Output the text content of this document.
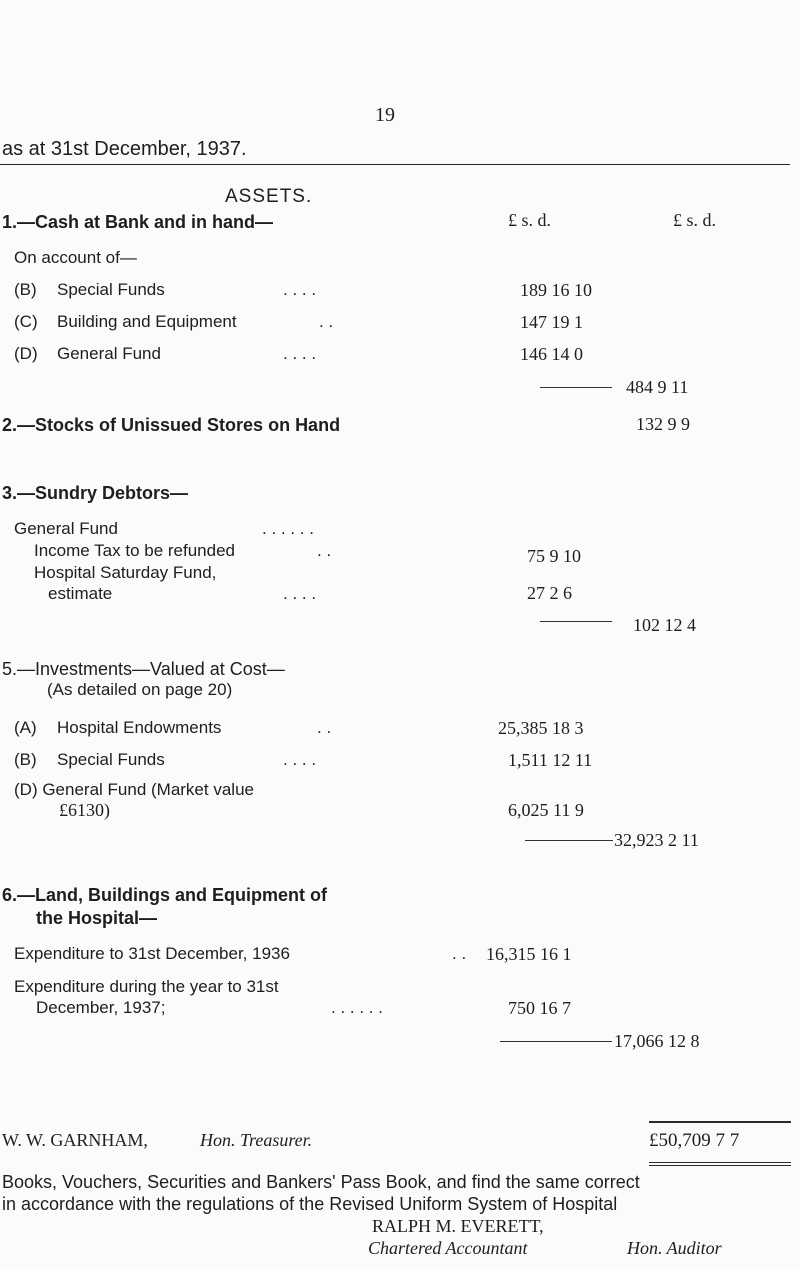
19
as at 31st December, 1937.
ASSETS.
1.—Cash at Bank and in hand—	£ s. d.	£ s. d.
On account of—
(B) Special Funds	. . . .	189 16 10
(C) Building and Equipment	. .	147 19 1
(D) General Fund	. . . .	146 14 0
484 9 11
2.—Stocks of Unissued Stores on Hand	132 9 9
3.—Sundry Debtors—
General Fund	. . . . . .
Income Tax to be refunded	. .	75 9 10
Hospital Saturday Fund,
estimate	. . . .	27 2 6
102 12 4
5.—Investments—Valued at Cost—
(As detailed on page 20)
(A) Hospital Endowments	. .	25,385 18 3
(B) Special Funds	. . . .	1,511 12 11
(D) General Fund (Market value
£6130)	6,025 11 9
32,923 2 11
6.—Land, Buildings and Equipment of
the Hospital—
Expenditure to 31st December, 1936	. . 16,315 16 1
Expenditure during the year to 31st
December, 1937;	. . . . . .	750 16 7
17,066 12 8
W. W. GARNHAM,	Hon. Treasurer.	£50,709 7 7
Books, Vouchers, Securities and Bankers' Pass Book, and find the same correct
in accordance with the regulations of the Revised Uniform System of Hospital
RALPH M. EVERETT,
Chartered Accountant	Hon. Auditor
